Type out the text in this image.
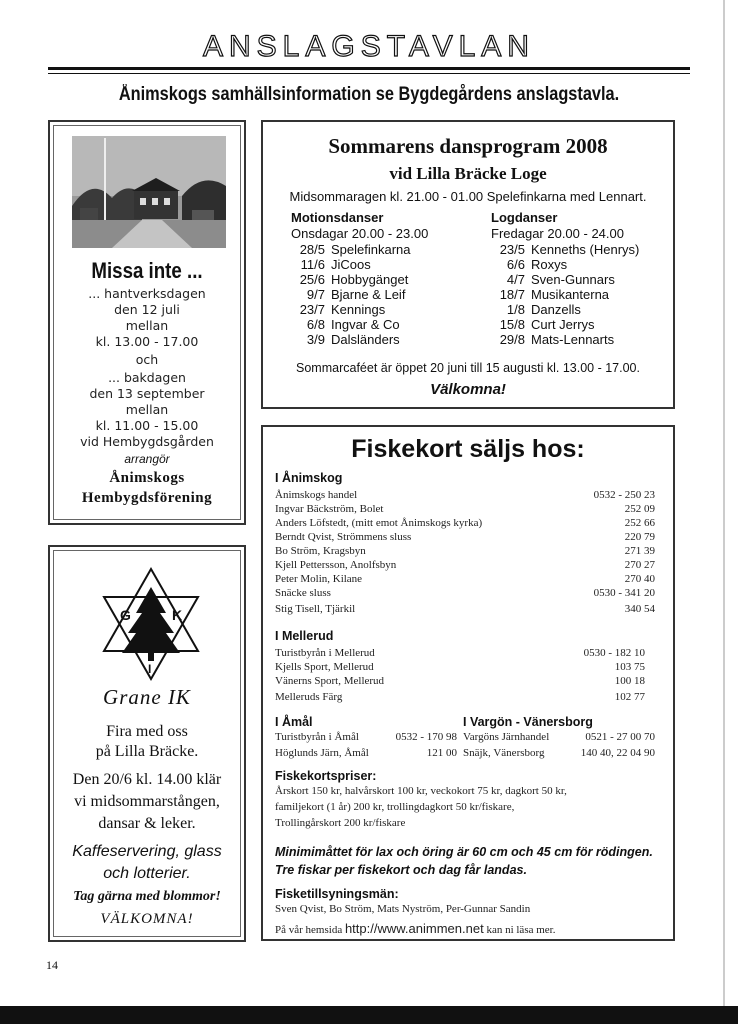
ANSLAGSTAVLAN
Ånimskogs samhällsinformation se Bygdegårdens anslagstavla.
Missa inte ...
... hantverksdagen
den 12 juli
mellan
kl. 13.00 - 17.00
och
... bakdagen
den 13 september
mellan
kl. 11.00 - 15.00
vid Hembygdsgården
arrangör
Ånimskogs
Hembygdsförening
G	K
I
Grane IK
Fira med oss
på Lilla Bräcke.
Den 20/6 kl. 14.00 klär
vi midsommarstången,
dansar & leker.
Kaffeservering, glass
och lotterier.
Tag gärna med blommor!
VÄLKOMNA!
Sommarens dansprogram 2008
vid Lilla Bräcke Loge
Midsommaragen kl. 21.00 - 01.00 Spelefinkarna med Lennart.
Motionsdanser
Onsdagar 20.00 - 23.00
28/5 Spelefinkarna
11/6 JiCoos
25/6 Hobbygänget
9/7 Bjarne & Leif
23/7 Kennings
6/8 Ingvar & Co
3/9 Dalsländers
Logdanser
Fredagar 20.00 - 24.00
23/5 Kenneths (Henrys)
6/6 Roxys
4/7 Sven-Gunnars
18/7 Musikanterna
1/8 Danzells
15/8 Curt Jerrys
29/8 Mats-Lennarts
Sommarcaféet är öppet 20 juni till 15 augusti kl. 13.00 - 17.00.
Välkomna!
Fiskekort säljs hos:
I Ånimskog
Ånimskogs handel	0532 - 250 23
Ingvar Bäckström, Bolet	252 09
Anders Löfstedt, (mitt emot Ånimskogs kyrka)	252 66
Berndt Qvist, Strömmens sluss	220 79
Bo Ström, Kragsbyn	271 39
Kjell Pettersson, Anolfsbyn	270 27
Peter Molin, Kilane	270 40
Snäcke sluss	0530 - 341 20
Stig Tisell, Tjärkil	340 54
I Mellerud
Turistbyrån i Mellerud	0530 - 182 10
Kjells Sport, Mellerud	103 75
Vänerns Sport, Mellerud	100 18
Melleruds Färg	102 77
I Åmål
Turistbyrån i Åmål	0532 - 170 98
Höglunds Järn, Åmål	121 00
I Vargön - Vänersborg
Vargöns Järnhandel	0521 - 27 00 70
Snäjk, Vänersborg	140 40, 22 04 90
Fiskekortspriser:
Årskort 150 kr, halvårskort 100 kr, veckokort 75 kr, dagkort 50 kr,
familjekort (1 år) 200 kr, trollingdagkort 50 kr/fiskare,
Trollingårskort 200 kr/fiskare
Minimimåttet för lax och öring är 60 cm och 45 cm för rödingen.
Tre fiskar per fiskekort och dag får landas.
Fisketillsyningsmän:
Sven Qvist, Bo Ström, Mats Nyström, Per-Gunnar Sandin
På vår hemsida http://www.animmen.net kan ni läsa mer.
14
